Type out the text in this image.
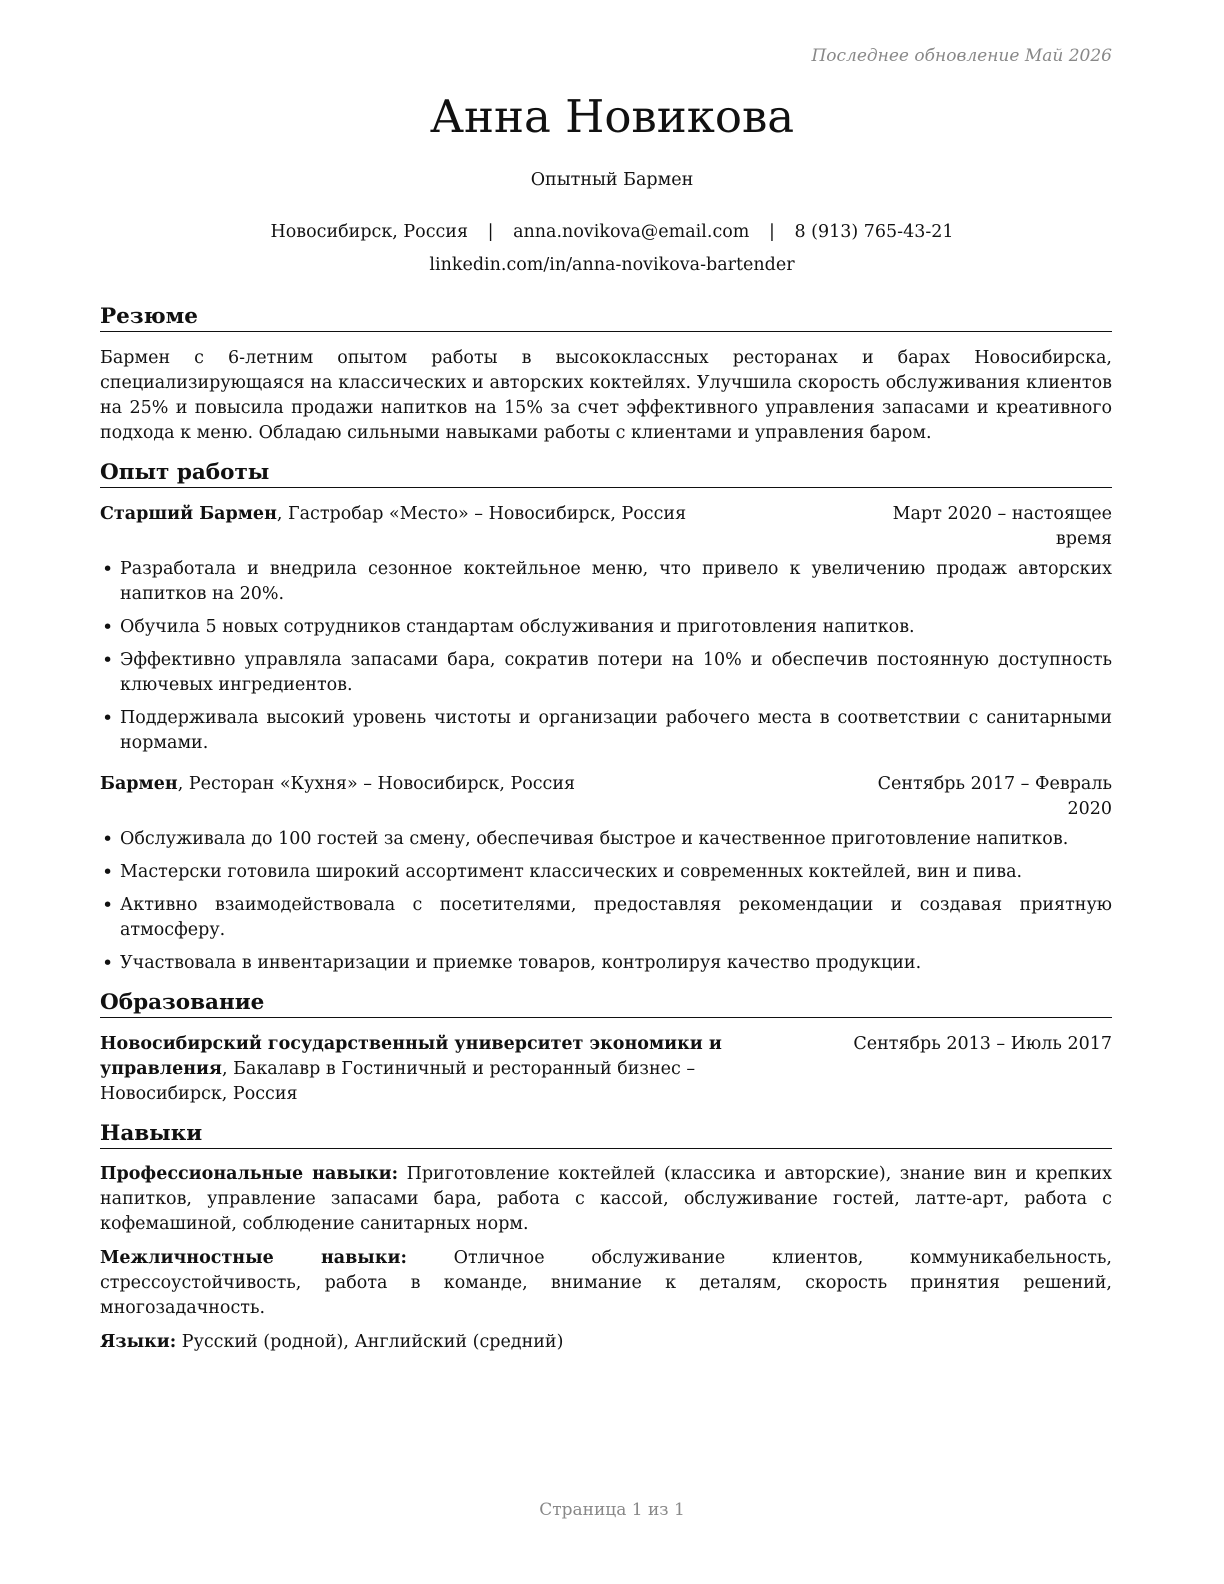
Последнее обновление Май 2026
Анна Новикова
Опытный Бармен
Новосибирск, Россия | anna.novikova@email.com | 8 (913) 765-43-21
linkedin.com/in/anna-novikova-bartender
Резюме

Бармен с 6-летним опытом работы в высококлассных ресторанах и барах Новосибирска, специализирующаяся на классических и авторских коктейлях. Улучшила скорость обслуживания клиентов на 25% и повысила продажи напитков на 15% за счет эффективного управления запасами и креативного подхода к меню. Обладаю сильными навыками работы с клиентами и управления баром.

Опыт работы
Старший Бармен, Гастробар «Место» – Новосибирск, Россия	Март 2020 – настоящее время
• Разработала и внедрила сезонное коктейльное меню, что привело к увеличению продаж авторских напитков на 20%.
• Обучила 5 новых сотрудников стандартам обслуживания и приготовления напитков.
• Эффективно управляла запасами бара, сократив потери на 10% и обеспечив постоянную доступность ключевых ингредиентов.
• Поддерживала высокий уровень чистоты и организации рабочего места в соответствии с санитарными нормами.
Бармен, Ресторан «Кухня» – Новосибирск, Россия	Сентябрь 2017 – Февраль 2020
• Обслуживала до 100 гостей за смену, обеспечивая быстрое и качественное приготовление напитков.
• Мастерски готовила широкий ассортимент классических и современных коктейлей, вин и пива.
• Активно взаимодействовала с посетителями, предоставляя рекомендации и создавая приятную атмосферу.
• Участвовала в инвентаризации и приемке товаров, контролируя качество продукции.
Образование
Новосибирский государственный университет экономики и управления, Бакалавр в Гостиничный и ресторанный бизнес – Новосибирск, Россия
Сентябрь 2013 – Июль 2017
Навыки

Профессиональные навыки: Приготовление коктейлей (классика и авторские), знание вин и крепких напитков, управление запасами бара, работа с кассой, обслуживание гостей, латте-арт, работа с кофемашиной, соблюдение санитарных норм.

Межличностные навыки: Отличное обслуживание клиентов, коммуникабельность, стрессоустойчивость, работа в команде, внимание к деталям, скорость принятия решений, многозадачность.

Языки: Русский (родной), Английский (средний)

Страница 1 из 1
